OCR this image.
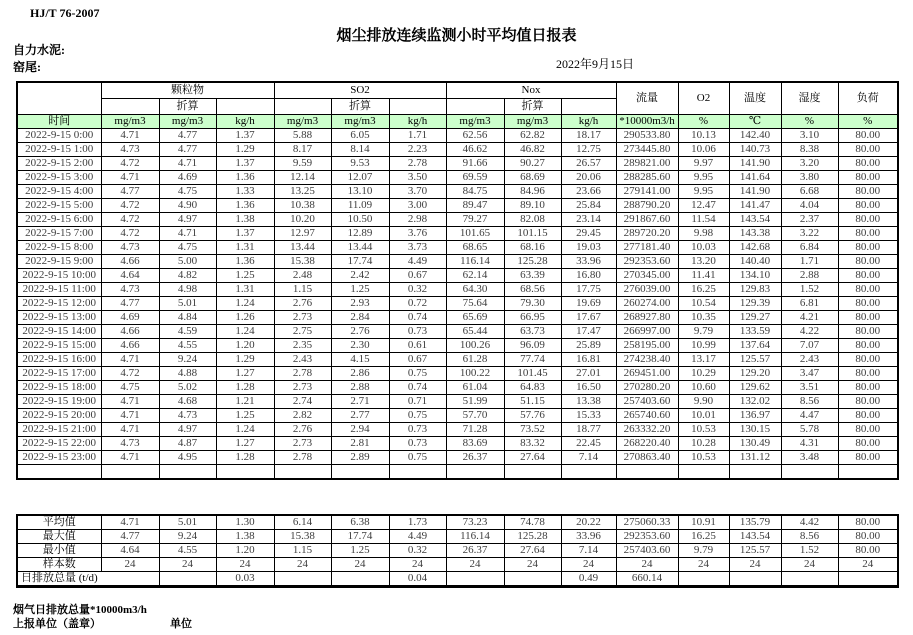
HJ/T 76-2007
烟尘排放连续监测小时平均值日报表
自力水泥:
窑尾:	2022年9月15日
	颗粒物			SO2			Nox			流量	O2	温度	湿度	负荷
		折算			折算			折算						
时间	mg/m3	mg/m3	kg/h	mg/m3	mg/m3	kg/h	mg/m3	mg/m3	kg/h	*10000m3/h	%	℃	%	%
2022-9-15 0:00	4.71	4.77	1.37	5.88	6.05	1.71	62.56	62.82	18.17	290533.80	10.13	142.40	3.10	80.00
2022-9-15 1:00	4.73	4.77	1.29	8.17	8.14	2.23	46.62	46.82	12.75	273445.80	10.06	140.73	8.38	80.00
2022-9-15 2:00	4.72	4.71	1.37	9.59	9.53	2.78	91.66	90.27	26.57	289821.00	9.97	141.90	3.20	80.00
2022-9-15 3:00	4.71	4.69	1.36	12.14	12.07	3.50	69.59	68.69	20.06	288285.60	9.95	141.64	3.80	80.00
2022-9-15 4:00	4.77	4.75	1.33	13.25	13.10	3.70	84.75	84.96	23.66	279141.00	9.95	141.90	6.68	80.00
2022-9-15 5:00	4.72	4.90	1.36	10.38	11.09	3.00	89.47	89.10	25.84	288790.20	12.47	141.47	4.04	80.00
2022-9-15 6:00	4.72	4.97	1.38	10.20	10.50	2.98	79.27	82.08	23.14	291867.60	11.54	143.54	2.37	80.00
2022-9-15 7:00	4.72	4.71	1.37	12.97	12.89	3.76	101.65	101.15	29.45	289720.20	9.98	143.38	3.22	80.00
2022-9-15 8:00	4.73	4.75	1.31	13.44	13.44	3.73	68.65	68.16	19.03	277181.40	10.03	142.68	6.84	80.00
2022-9-15 9:00	4.66	5.00	1.36	15.38	17.74	4.49	116.14	125.28	33.96	292353.60	13.20	140.40	1.71	80.00
2022-9-15 10:00	4.64	4.82	1.25	2.48	2.42	0.67	62.14	63.39	16.80	270345.00	11.41	134.10	2.88	80.00
2022-9-15 11:00	4.73	4.98	1.31	1.15	1.25	0.32	64.30	68.56	17.75	276039.00	16.25	129.83	1.52	80.00
2022-9-15 12:00	4.77	5.01	1.24	2.76	2.93	0.72	75.64	79.30	19.69	260274.00	10.54	129.39	6.81	80.00
2022-9-15 13:00	4.69	4.84	1.26	2.73	2.84	0.74	65.69	66.95	17.67	268927.80	10.35	129.27	4.21	80.00
2022-9-15 14:00	4.66	4.59	1.24	2.75	2.76	0.73	65.44	63.73	17.47	266997.00	9.79	133.59	4.22	80.00
2022-9-15 15:00	4.66	4.55	1.20	2.35	2.30	0.61	100.26	96.09	25.89	258195.00	10.99	137.64	7.07	80.00
2022-9-15 16:00	4.71	9.24	1.29	2.43	4.15	0.67	61.28	77.74	16.81	274238.40	13.17	125.57	2.43	80.00
2022-9-15 17:00	4.72	4.88	1.27	2.78	2.86	0.75	100.22	101.45	27.01	269451.00	10.29	129.20	3.47	80.00
2022-9-15 18:00	4.75	5.02	1.28	2.73	2.88	0.74	61.04	64.83	16.50	270280.20	10.60	129.62	3.51	80.00
2022-9-15 19:00	4.71	4.68	1.21	2.74	2.71	0.71	51.99	51.15	13.38	257403.60	9.90	132.02	8.56	80.00
2022-9-15 20:00	4.71	4.73	1.25	2.82	2.77	0.75	57.70	57.76	15.33	265740.60	10.01	136.97	4.47	80.00
2022-9-15 21:00	4.71	4.97	1.24	2.76	2.94	0.73	71.28	73.52	18.77	263332.20	10.53	130.15	5.78	80.00
2022-9-15 22:00	4.73	4.87	1.27	2.73	2.81	0.73	83.69	83.32	22.45	268220.40	10.28	130.49	4.31	80.00
2022-9-15 23:00	4.71	4.95	1.28	2.78	2.89	0.75	26.37	27.64	7.14	270863.40	10.53	131.12	3.48	80.00

平均值	4.71	5.01	1.30	6.14	6.38	1.73	73.23	74.78	20.22	275060.33	10.91	135.79	4.42	80.00
最大值	4.77	9.24	1.38	15.38	17.74	4.49	116.14	125.28	33.96	292353.60	16.25	143.54	8.56	80.00
最小值	4.64	4.55	1.20	1.15	1.25	0.32	26.37	27.64	7.14	257403.60	9.79	125.57	1.52	80.00
样本数	24	24	24	24	24	24	24	24	24	24	24	24	24	24
日排放总量 (t/d)			0.03			0.04			0.49	660.14				
烟气日排放总量*10000m3/h
上报单位（盖章）	单位
